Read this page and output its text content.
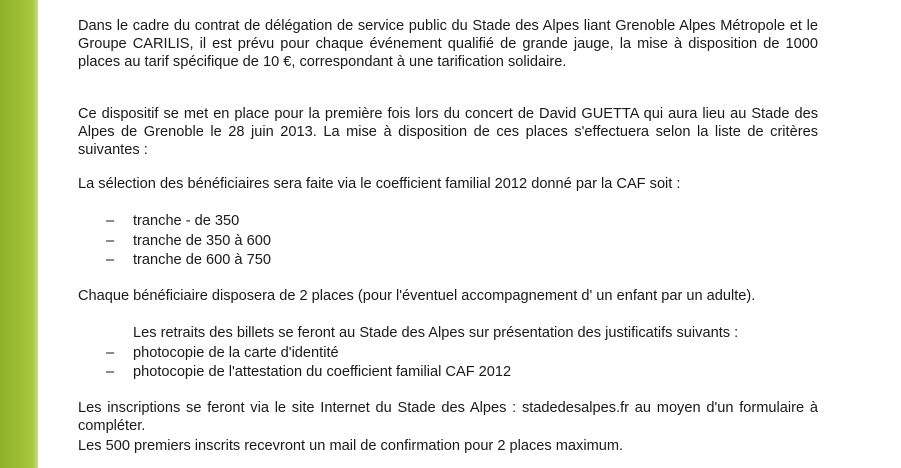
Dans le cadre du contrat de délégation de service public du Stade des Alpes liant Grenoble Alpes Métropole et le Groupe CARILIS, il est prévu pour chaque événement qualifié de grande jauge, la mise à disposition de 1000 places au tarif spécifique de 10 €, correspondant à une tarification solidaire.

Ce dispositif se met en place pour la première fois lors du concert de David GUETTA qui aura lieu au Stade des Alpes de Grenoble le 28 juin 2013. La mise à disposition de ces places s'effectuera selon la liste de critères suivantes :

La sélection des bénéficiaires sera faite via le coefficient familial 2012 donné par la CAF soit :
– tranche - de 350
– tranche de 350 à 600
– tranche de 600 à 750

Chaque bénéficiaire disposera de 2 places (pour l'éventuel accompagnement d' un enfant par un adulte).

Les retraits des billets se feront au Stade des Alpes sur présentation des justificatifs suivants :
– photocopie de la carte d'identité
– photocopie de l'attestation du coefficient familial CAF 2012

Les inscriptions se feront via le site Internet du Stade des Alpes : stadedesalpes.fr au moyen d'un formulaire à compléter.

Les 500 premiers inscrits recevront un mail de confirmation pour 2 places maximum.
